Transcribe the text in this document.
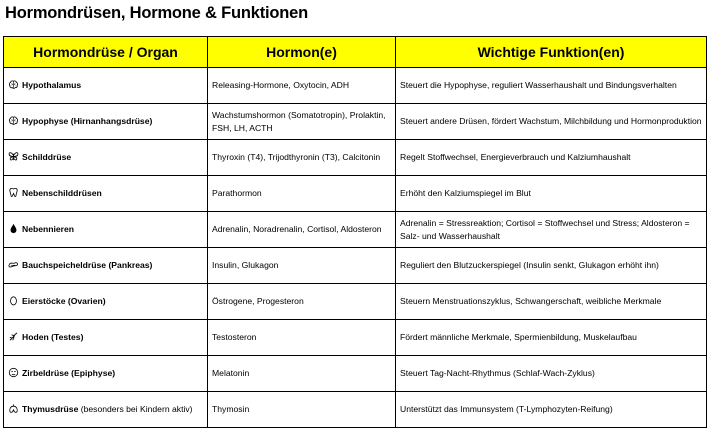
Hormondrüsen, Hormone & Funktionen
Hormondrüse / Organ	Hormon(e)	Wichtige Funktion(en)

Hypothalamus	Releasing-Hormone, Oxytocin, ADH	Steuert die Hypophyse, reguliert Wasserhaushalt und Bindungsverhalten

Hypophyse (Hirnanhangsdrüse)	Wachstumshormon (Somatotropin), Prolaktin, FSH, LH, ACTH	Steuert andere Drüsen, fördert Wachstum, Milchbildung und Hormonproduktion

Schilddrüse	Thyroxin (T4), Trijodthyronin (T3), Calcitonin	Regelt Stoffwechsel, Energieverbrauch und Kalziumhaushalt

Nebenschilddrüsen	Parathormon	Erhöht den Kalziumspiegel im Blut

Nebennieren	Adrenalin, Noradrenalin, Cortisol, Aldosteron	Adrenalin = Stressreaktion; Cortisol = Stoffwechsel und Stress; Aldosteron = Salz- und Wasserhaushalt

Bauchspeicheldrüse (Pankreas)	Insulin, Glukagon	Reguliert den Blutzuckerspiegel (Insulin senkt, Glukagon erhöht ihn)

Eierstöcke (Ovarien)	Östrogene, Progesteron	Steuern Menstruationszyklus, Schwangerschaft, weibliche Merkmale

Hoden (Testes)	Testosteron	Fördert männliche Merkmale, Spermienbildung, Muskelaufbau

Zirbeldrüse (Epiphyse)	Melatonin	Steuert Tag-Nacht-Rhythmus (Schlaf-Wach-Zyklus)

Thymusdrüse (besonders bei Kindern aktiv)	Thymosin	Unterstützt das Immunsystem (T-Lymphozyten-Reifung)
